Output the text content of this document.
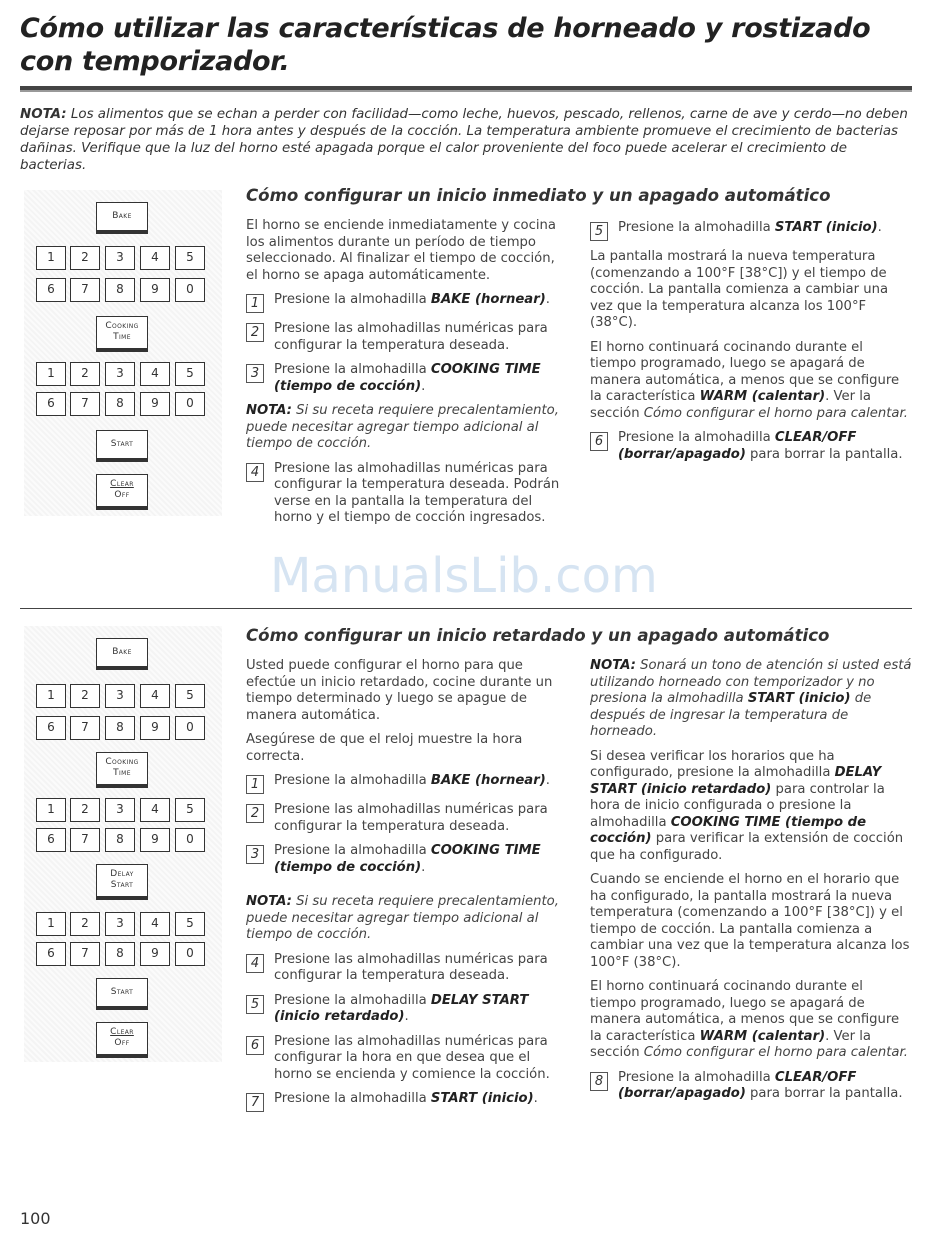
Cómo utilizar las características de horneado y rostizado con temporizador.

NOTA: Los alimentos que se echan a perder con facilidad—como leche, huevos, pescado, rellenos, carne de ave y cerdo—no deben dejarse reposar por más de 1 hora antes y después de la cocción. La temperatura ambiente promueve el crecimiento de bacterias dañinas. Verifique que la luz del horno esté apagada porque el calor proveniente del foco puede acelerar el crecimiento de bacterias.

Bake
1	2	3	4	5
6	7	8	9	0
Cooking
Time
1	2	3	4	5
6	7	8	9	0
Start
Clear
Off
Cómo configurar un inicio inmediato y un apagado automático

El horno se enciende inmediatamente y cocina los alimentos durante un período de tiempo seleccionado. Al finalizar el tiempo de cocción, el horno se apaga automáticamente.

1	Presione la almohadilla BAKE (hornear).
2	Presione las almohadillas numéricas para configurar la temperatura deseada.
3	Presione la almohadilla COOKING TIME (tiempo de cocción).

NOTA: Si su receta requiere precalentamiento, puede necesitar agregar tiempo adicional al tiempo de cocción.

4	Presione las almohadillas numéricas para configurar la temperatura deseada. Podrán verse en la pantalla la temperatura del horno y el tiempo de cocción ingresados.
5	Presione la almohadilla START (inicio).

La pantalla mostrará la nueva temperatura (comenzando a 100°F [38°C]) y el tiempo de cocción. La pantalla comienza a cambiar una vez que la temperatura alcanza los 100°F (38°C).

El horno continuará cocinando durante el tiempo programado, luego se apagará de manera automática, a menos que se configure la característica WARM (calentar). Ver la sección Cómo configurar el horno para calentar.

6	Presione la almohadilla CLEAR/OFF (borrar/apagado) para borrar la pantalla.
ManualsLib.com
Bake
1	2	3	4	5
6	7	8	9	0
Cooking
Time
1	2	3	4	5
6	7	8	9	0
Delay
Start
1	2	3	4	5
6	7	8	9	0
Start
Clear
Off
Cómo configurar un inicio retardado y un apagado automático

Usted puede configurar el horno para que efectúe un inicio retardado, cocine durante un tiempo determinado y luego se apague de manera automática.

Asegúrese de que el reloj muestre la hora correcta.

1	Presione la almohadilla BAKE (hornear).
2	Presione las almohadillas numéricas para configurar la temperatura deseada.
3	Presione la almohadilla COOKING TIME (tiempo de cocción).

NOTA: Si su receta requiere precalentamiento, puede necesitar agregar tiempo adicional al tiempo de cocción.

4	Presione las almohadillas numéricas para configurar la temperatura deseada.
5	Presione la almohadilla DELAY START (inicio retardado).
6	Presione las almohadillas numéricas para configurar la hora en que desea que el horno se encienda y comience la cocción.
7	Presione la almohadilla START (inicio).

NOTA: Sonará un tono de atención si usted está utilizando horneado con temporizador y no presiona la almohadilla START (inicio) de después de ingresar la temperatura de horneado.

Si desea verificar los horarios que ha configurado, presione la almohadilla DELAY START (inicio retardado) para controlar la hora de inicio configurada o presione la almohadilla COOKING TIME (tiempo de cocción) para verificar la extensión de cocción que ha configurado.

Cuando se enciende el horno en el horario que ha configurado, la pantalla mostrará la nueva temperatura (comenzando a 100°F [38°C]) y el tiempo de cocción. La pantalla comienza a cambiar una vez que la temperatura alcanza los 100°F (38°C).

El horno continuará cocinando durante el tiempo programado, luego se apagará de manera automática, a menos que se configure la característica WARM (calentar). Ver la sección Cómo configurar el horno para calentar.

8	Presione la almohadilla CLEAR/OFF (borrar/apagado) para borrar la pantalla.
100
